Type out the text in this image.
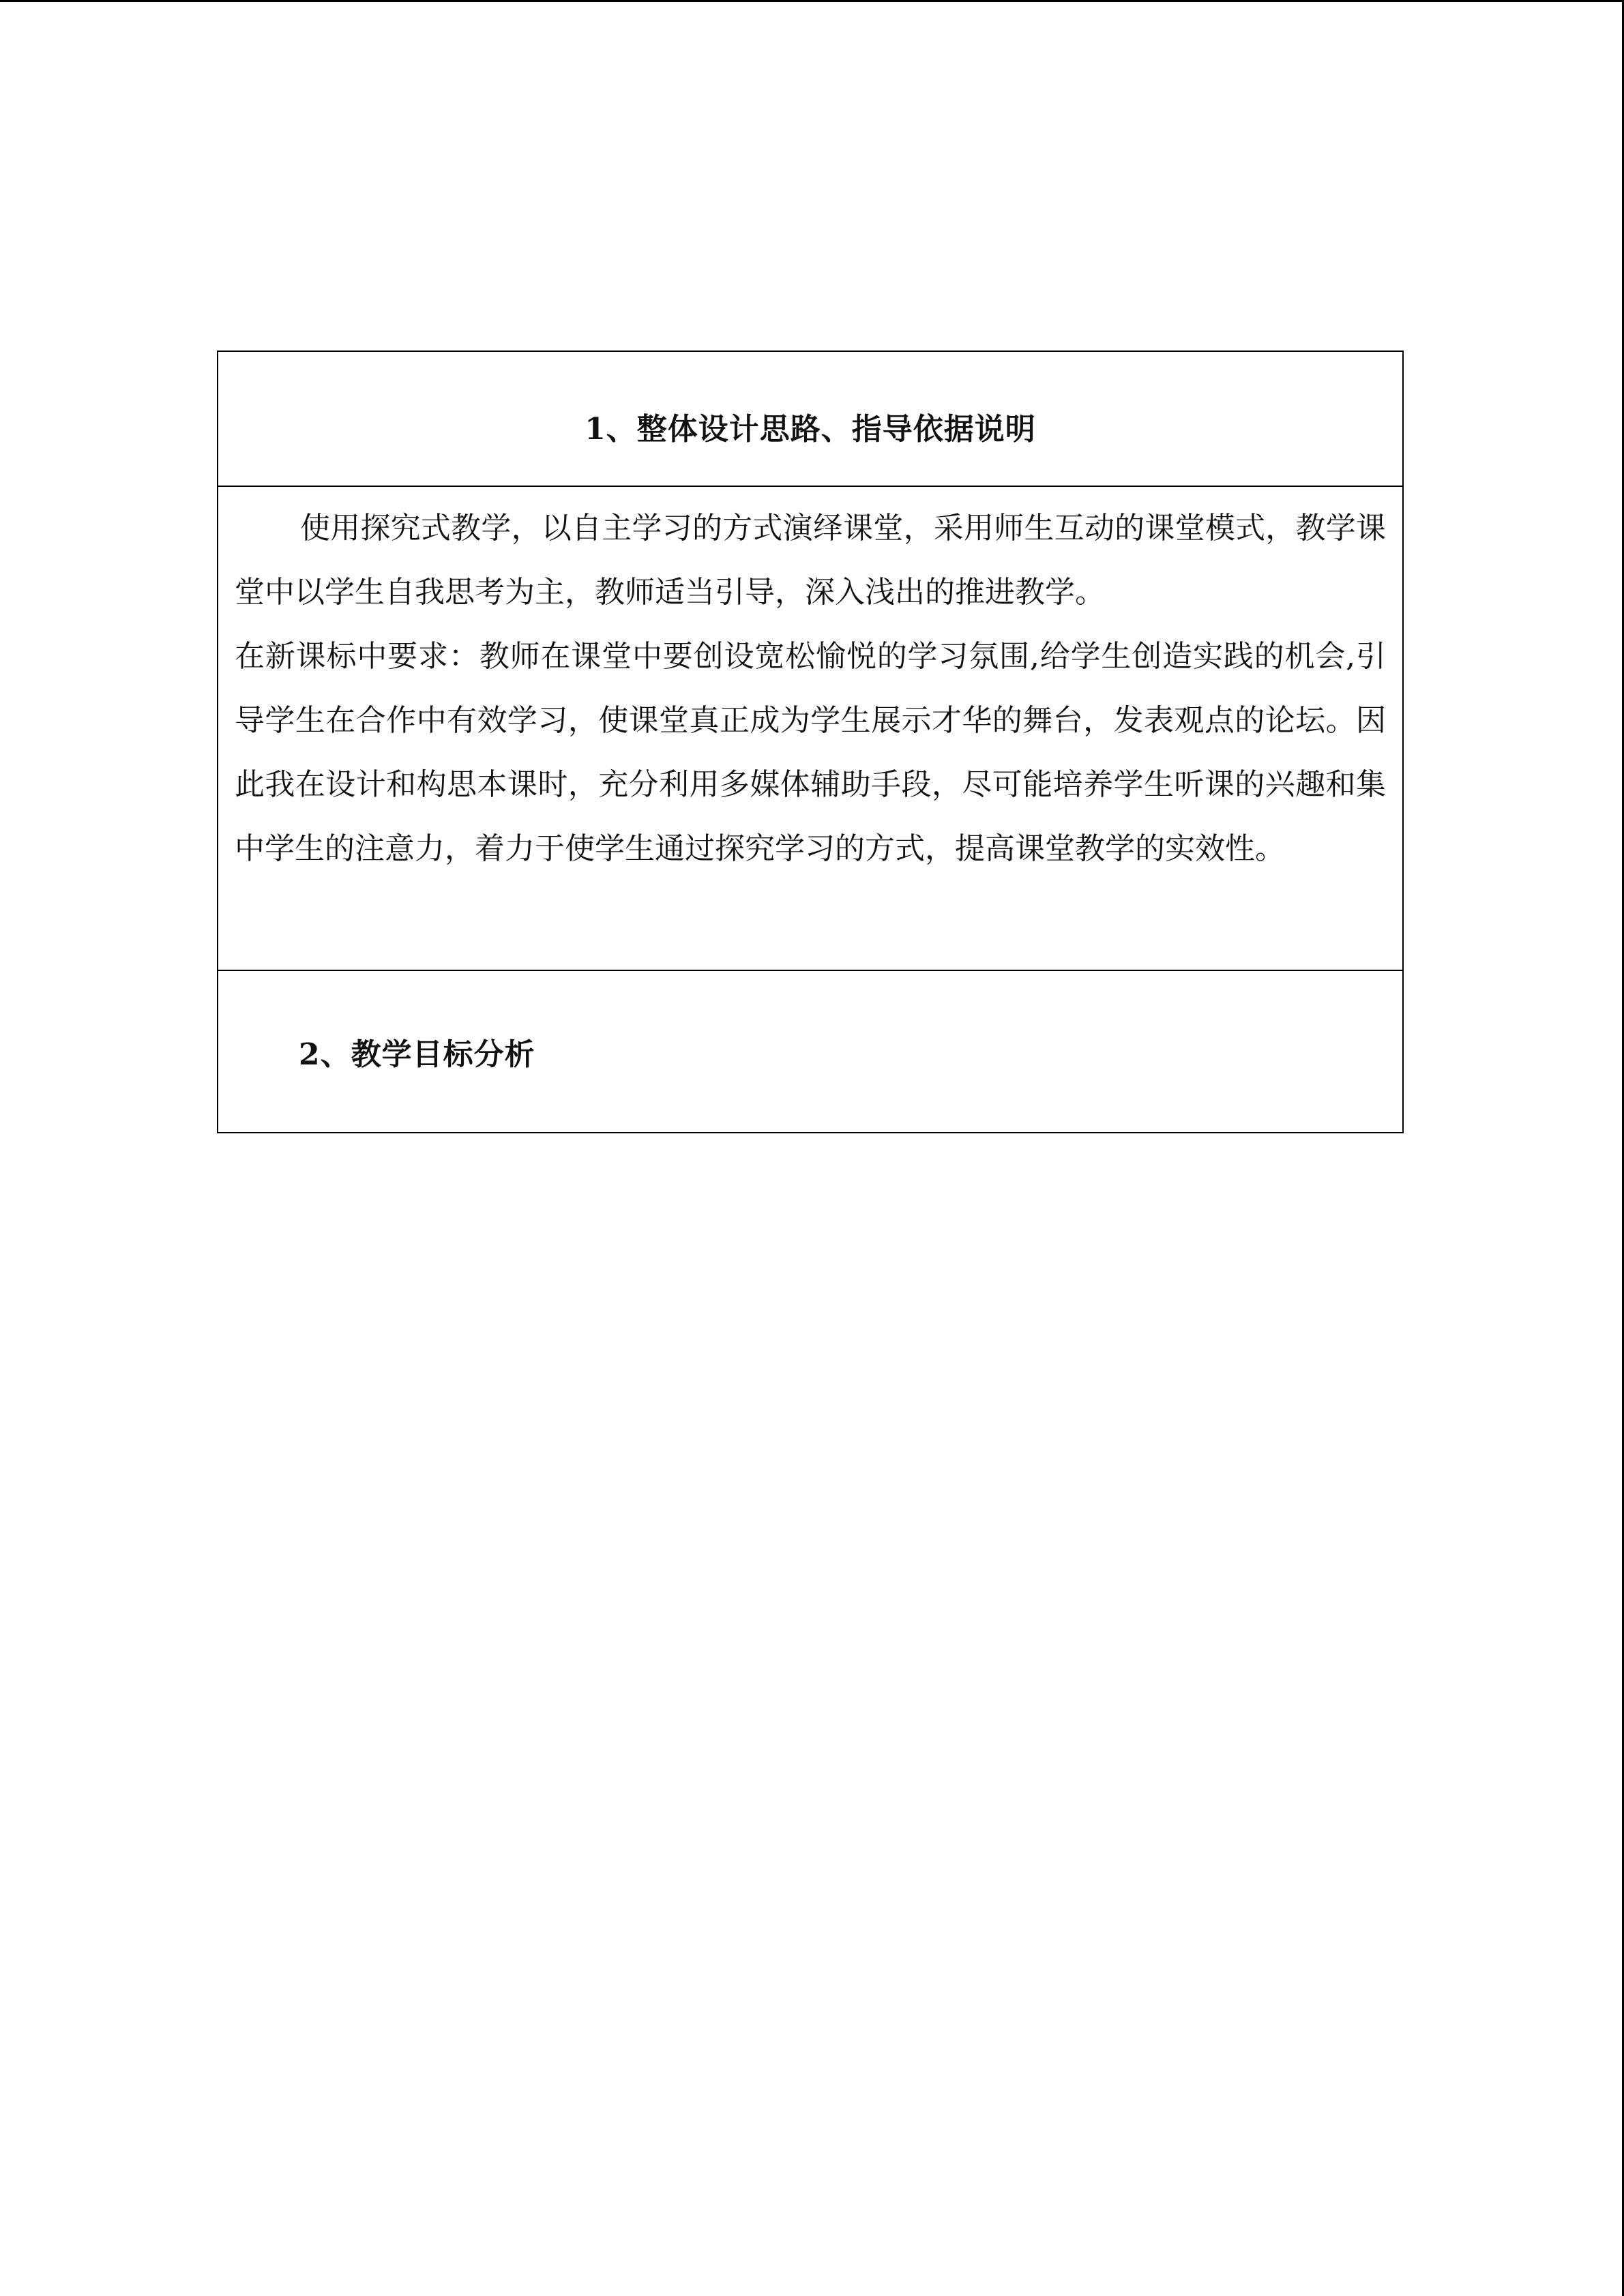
1、整体设计思路、指导依据说明

使用探究式教学，以自主学习的方式演绎课堂，采用师生互动的课堂模式，教学课堂中以学生自我思考为主，教师适当引导，深入浅出的推进教学。

在新课标中要求：教师在课堂中要创设宽松愉悦的学习氛围,给学生创造实践的机会,引导学生在合作中有效学习，使课堂真正成为学生展示才华的舞台，发表观点的论坛。因此我在设计和构思本课时，充分利用多媒体辅助手段，尽可能培养学生听课的兴趣和集中学生的注意力，着力于使学生通过探究学习的方式，提高课堂教学的实效性。

2、教学目标分析
